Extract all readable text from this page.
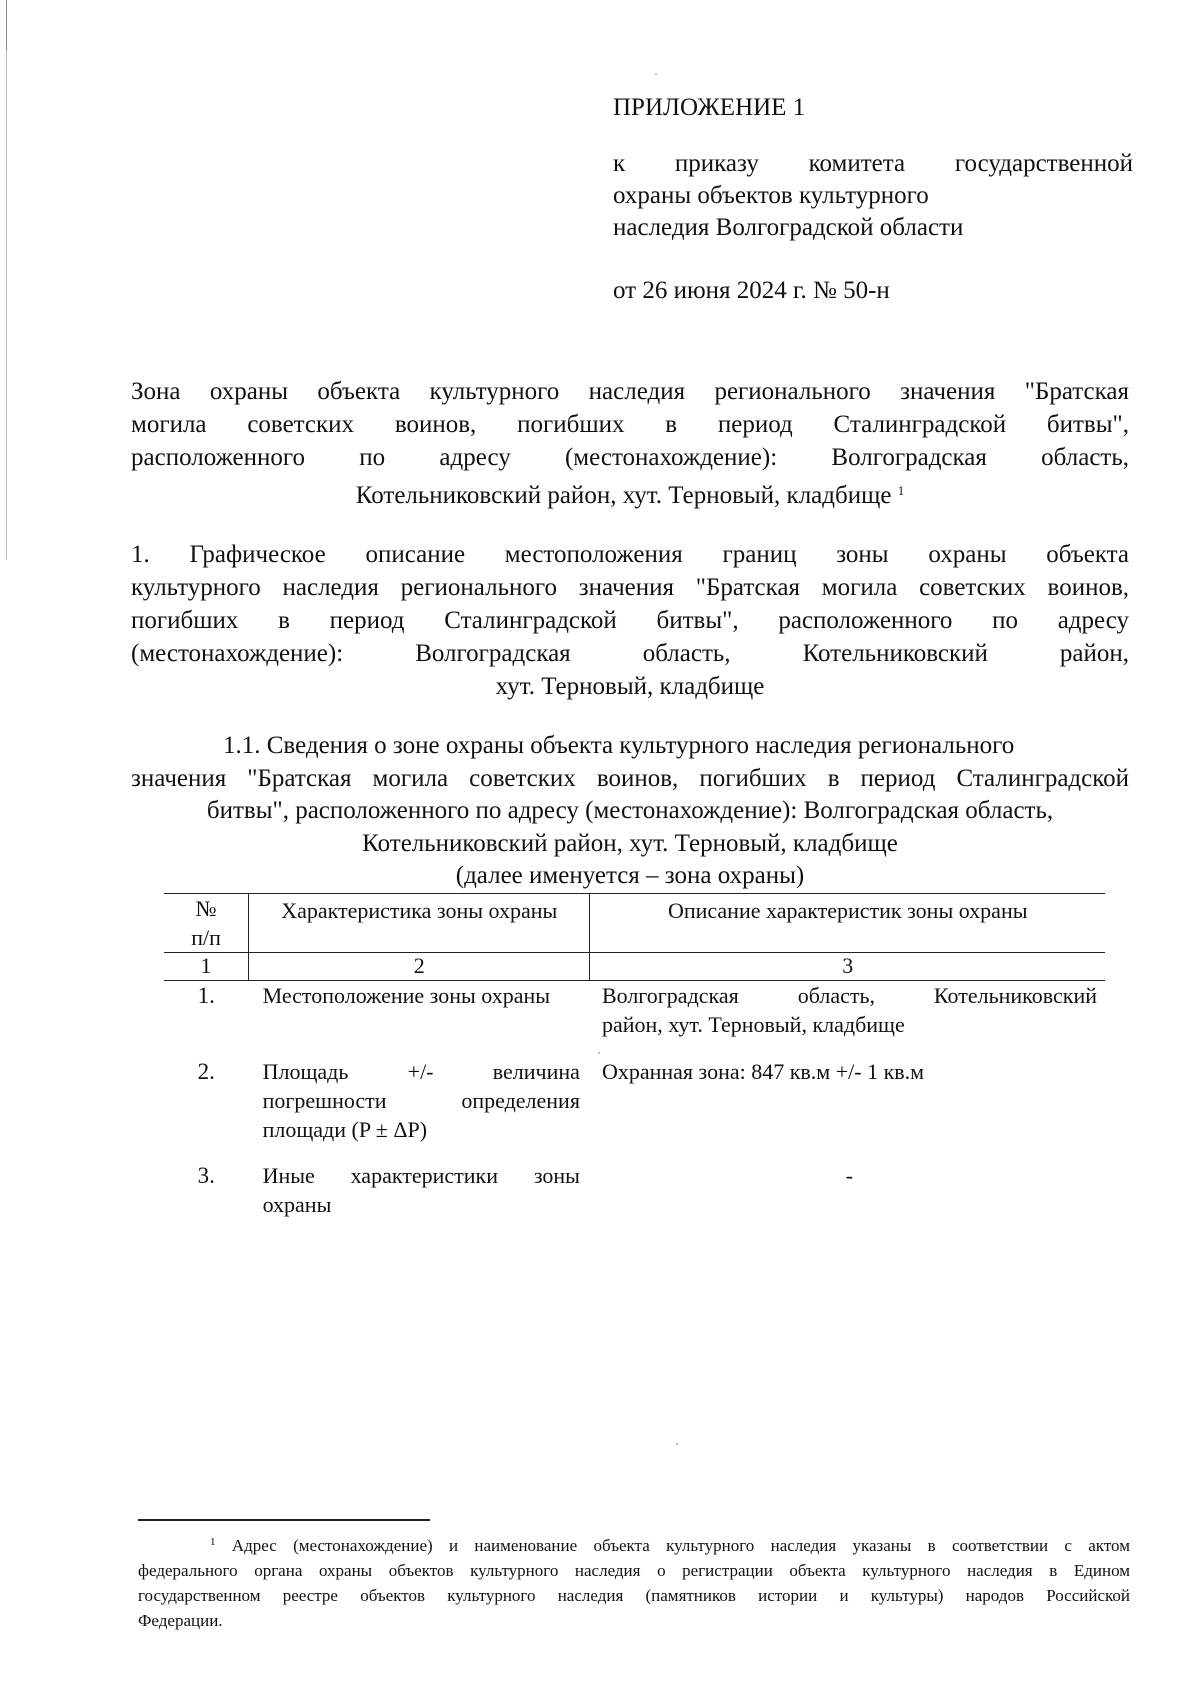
ПРИЛОЖЕНИЕ 1
к приказу комитета государственной
охраны объектов культурного
наследия Волгоградской области
от 26 июня 2024 г. № 50-н
Зона охраны объекта культурного наследия регионального значения "Братская
могила советских воинов, погибших в период Сталинградской битвы",
расположенного по адресу (местонахождение): Волгоградская область,
Котельниковский район, хут. Терновый, кладбище $^1$
1. Графическое описание местоположения границ зоны охраны объекта
культурного наследия регионального значения "Братская могила советских воинов,
погибших в период Сталинградской битвы", расположенного по адресу
(местонахождение): Волгоградская область, Котельниковский район,
хут. Терновый, кладбище
1.1. Сведения о зоне охраны объекта культурного наследия регионального
значения "Братская могила советских воинов, погибших в период Сталинградской
битвы", расположенного по адресу (местонахождение): Волгоградская область,
Котельниковский район, хут. Терновый, кладбище
(далее именуется – зона охраны)
№
п/п	Характеристика зоны охраны	Описание характеристик зоны охраны
1	2	3
1.	Местоположение зоны охраны	Волгоградская область, Котельниковский
район, хут. Терновый, кладбище

2.	Площадь +/- величина
погрешности определения
площади (P ± ΔP)	Охранная зона: 847 кв.м +/- 1 кв.м

3.	Иные характеристики зоны
охраны	-
$^1$ Адрес (местонахождение) и наименование объекта культурного наследия указаны в соответствии с актом
федерального органа охраны объектов культурного наследия о регистрации объекта культурного наследия в Едином
государственном реестре объектов культурного наследия (памятников истории и культуры) народов Российской
Федерации.
